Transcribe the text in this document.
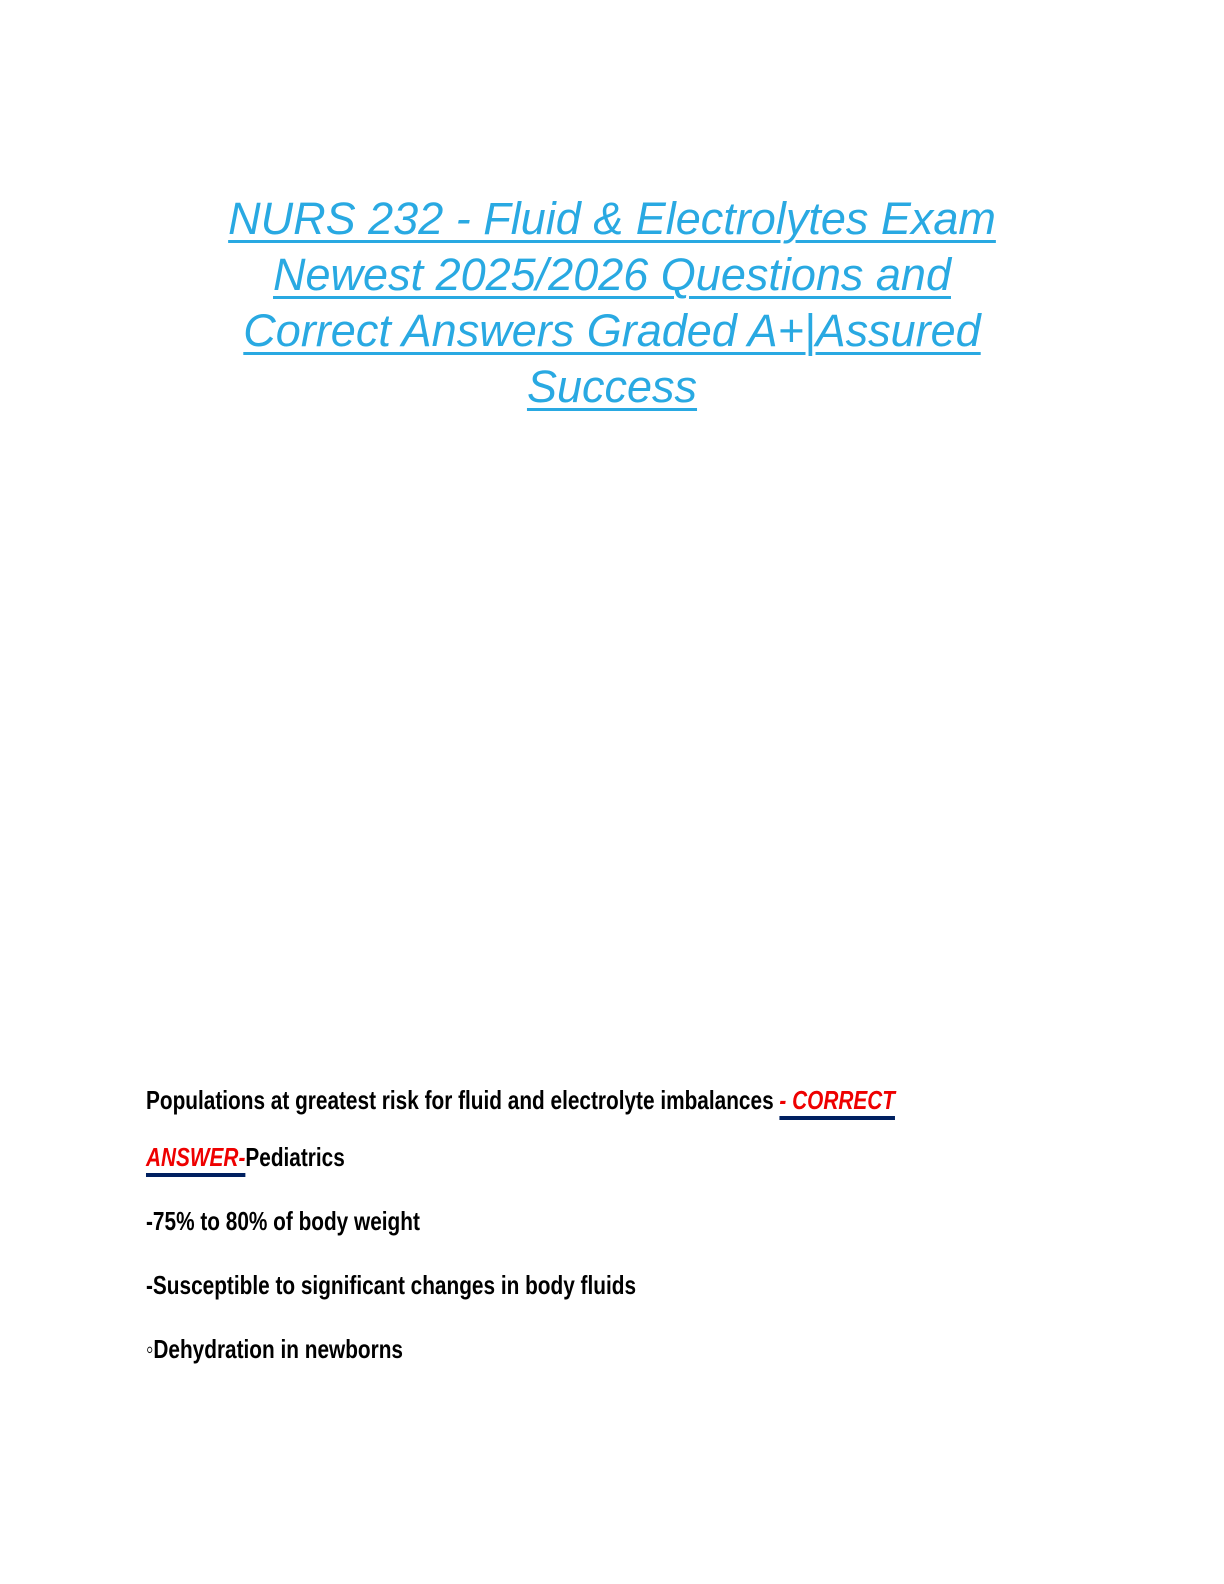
NURS 232 - Fluid & Electrolytes Exam
Newest 2025/2026 Questions and
Correct Answers Graded A+|Assured
Success

Populations at greatest risk for fluid and electrolyte imbalances - CORRECT
ANSWER-Pediatrics

-75% to 80% of body weight

-Susceptible to significant changes in body fluids

◦Dehydration in newborns
